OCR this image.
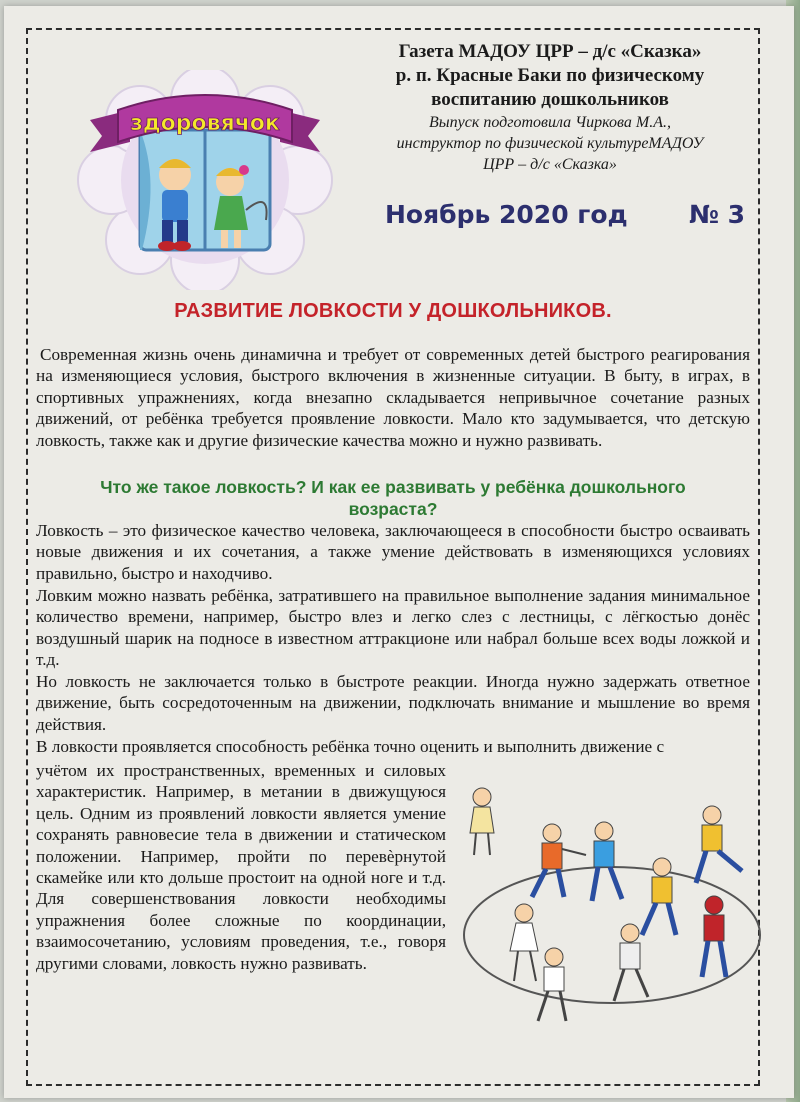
здоровячок
Газета МАДОУ ЦРР – д/с «Сказка»
р. п. Красные Баки по физическому
воспитанию дошкольников
Выпуск подготовила Чиркова М.А.,
инструктор по физической культуреМАДОУ
ЦРР – д/с «Сказка»
Ноябрь 2020 год № 3
РАЗВИТИЕ ЛОВКОСТИ У ДОШКОЛЬНИКОВ.

Современная жизнь очень динамична и требует от современных детей быстрого реагирования на изменяющиеся условия, быстрого включения в жизненные ситуации. В быту, в играх, в спортивных упражнениях, когда внезапно складывается непривычное сочетание разных движений, от ребёнка требуется проявление ловкости. Мало кто задумывается, что детскую ловкость, также как и другие физические качества можно и нужно развивать.

Что же такое ловкость? И как ее развивать у ребёнка дошкольного
возраста?

Ловкость – это физическое качество человека, заключающееся в способности быстро осваивать новые движения и их сочетания, а также умение действовать в изменяющихся условиях правильно, быстро и находчиво.

Ловким можно назвать ребёнка, затратившего на правильное выполнение задания минимальное количество времени, например, быстро влез и легко слез с лестницы, с лёгкостью донёс воздушный шарик на подносе в известном аттракционе или набрал больше всех воды ложкой и т.д.

Но ловкость не заключается только в быстроте реакции. Иногда нужно задержать ответное движение, быть сосредоточенным на движении, подключать внимание и мышление во время действия.

В ловкости проявляется способность ребёнка точно оценить и выполнить движение с

учётом их пространственных, временных и силовых характеристик. Например, в метании в движущуюся цель. Одним из проявлений ловкости является умение сохранять равновесие тела в движении и статическом положении. Например, пройти по перевѐрнутой скамейке или кто дольше простоит на одной ноге и т.д. Для совершенствования ловкости необходимы упражнения более сложные по координации, взаимосочетанию, условиям проведения, т.е., говоря другими словами, ловкость нужно развивать.
